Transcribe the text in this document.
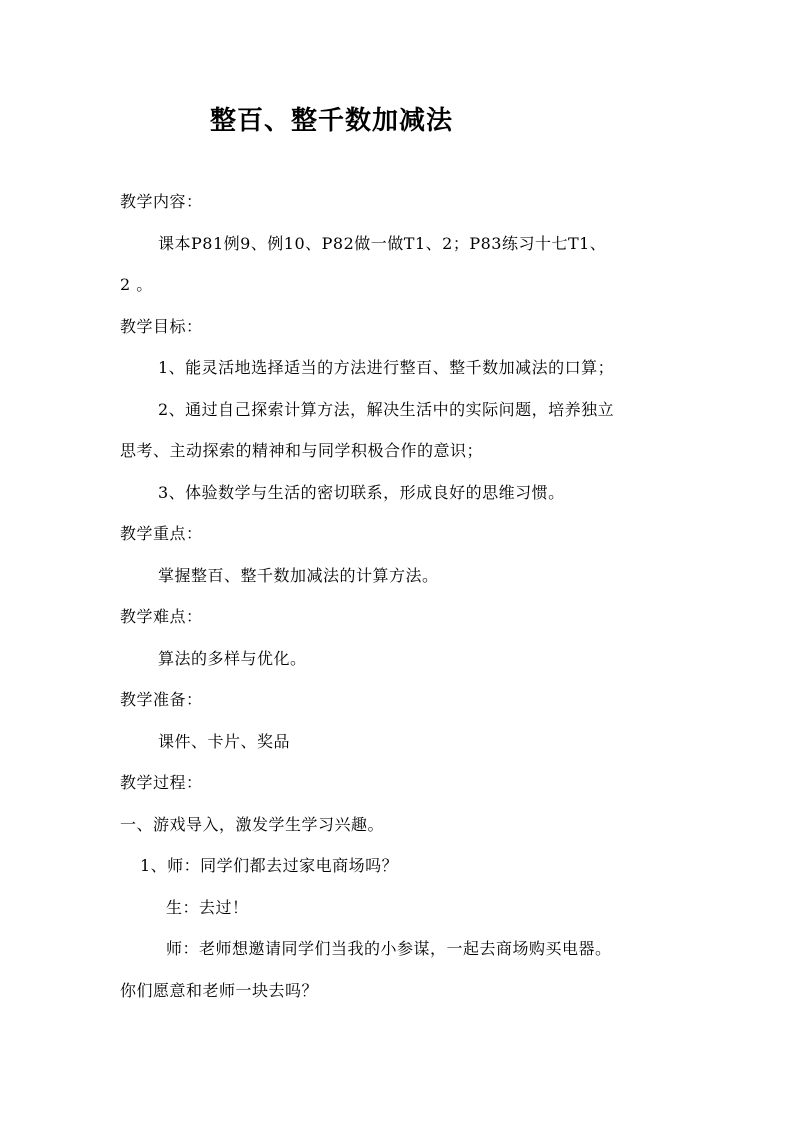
整百、整千数加减法
教学内容：
课本P81例9、例10、P82做一做T1、2；P83练习十七T1、
2 。
教学目标：
1、能灵活地选择适当的方法进行整百、整千数加减法的口算；
2、通过自己探索计算方法，解决生活中的实际问题，培养独立
思考、主动探索的精神和与同学积极合作的意识；
3、体验数学与生活的密切联系，形成良好的思维习惯。
教学重点：
掌握整百、整千数加减法的计算方法。
教学难点：
算法的多样与优化。
教学准备：
课件、卡片、奖品
教学过程：
一、游戏导入，激发学生学习兴趣。
1、师：同学们都去过家电商场吗？
生：去过！
师：老师想邀请同学们当我的小参谋，一起去商场购买电器。
你们愿意和老师一块去吗？
